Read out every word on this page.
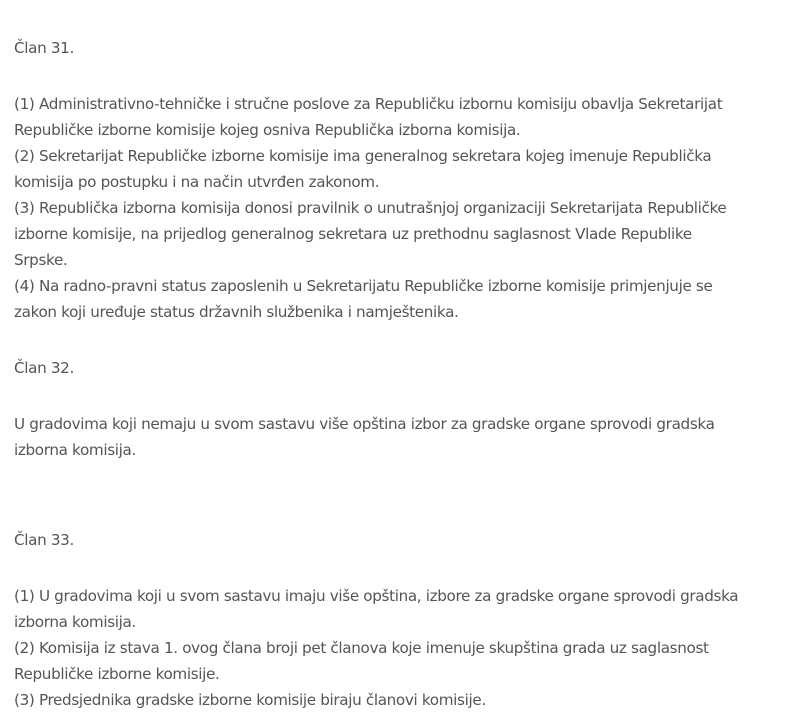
Član 31.
(1) Administrativno-tehničke i stručne poslove za Republičku izbornu komisiju obavlja Sekretarijat
Republičke izborne komisije kojeg osniva Republička izborna komisija.
(2) Sekretarijat Republičke izborne komisije ima generalnog sekretara kojeg imenuje Republička
komisija po postupku i na način utvrđen zakonom.
(3) Republička izborna komisija donosi pravilnik o unutrašnjoj organizaciji Sekretarijata Republičke
izborne komisije, na prijedlog generalnog sekretara uz prethodnu saglasnost Vlade Republike
Srpske.
(4) Na radno-pravni status zaposlenih u Sekretarijatu Republičke izborne komisije primjenjuje se
zakon koji uređuje status državnih službenika i namještenika.
Član 32.
U gradovima koji nemaju u svom sastavu više opština izbor za gradske organe sprovodi gradska
izborna komisija.
Član 33.
(1) U gradovima koji u svom sastavu imaju više opština, izbore za gradske organe sprovodi gradska
izborna komisija.
(2) Komisija iz stava 1. ovog člana broji pet članova koje imenuje skupština grada uz saglasnost
Republičke izborne komisije.
(3) Predsjednika gradske izborne komisije biraju članovi komisije.
